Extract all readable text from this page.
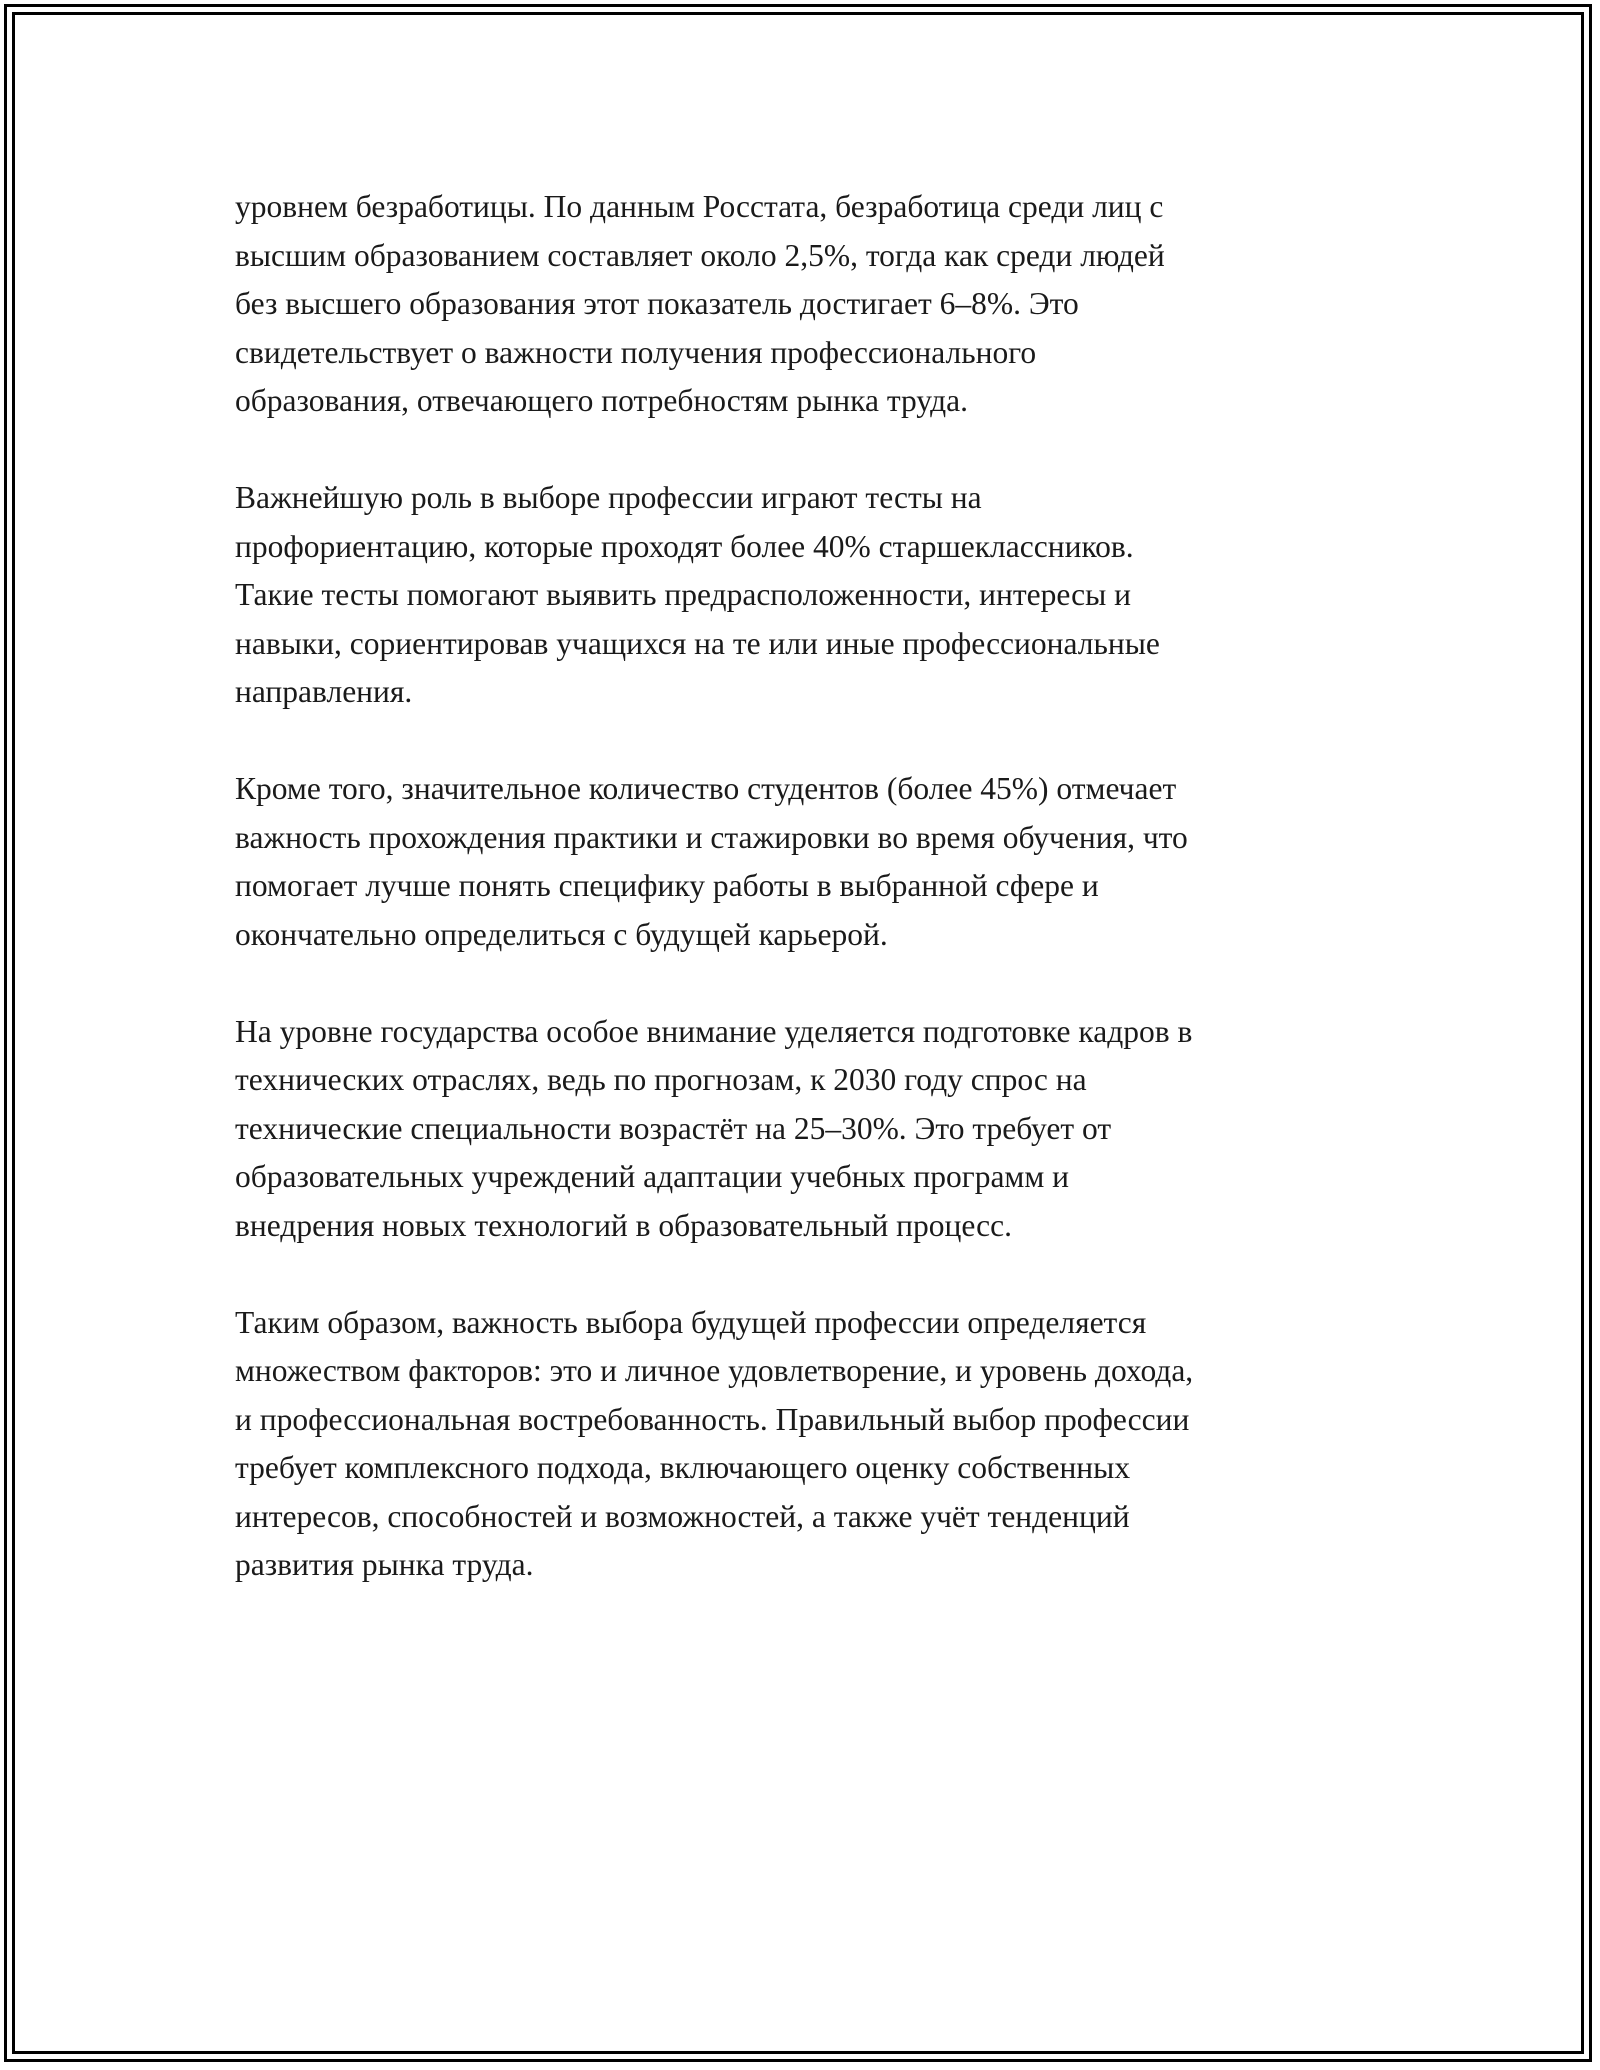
уровнем безработицы. По данным Росстата, безработица среди лиц с
высшим образованием составляет около 2,5%, тогда как среди людей
без высшего образования этот показатель достигает 6–8%. Это
свидетельствует о важности получения профессионального
образования, отвечающего потребностям рынка труда.

Важнейшую роль в выборе профессии играют тесты на
профориентацию, которые проходят более 40% старшеклассников.
Такие тесты помогают выявить предрасположенности, интересы и
навыки, сориентировав учащихся на те или иные профессиональные
направления.

Кроме того, значительное количество студентов (более 45%) отмечает
важность прохождения практики и стажировки во время обучения, что
помогает лучше понять специфику работы в выбранной сфере и
окончательно определиться с будущей карьерой.

На уровне государства особое внимание уделяется подготовке кадров в
технических отраслях, ведь по прогнозам, к 2030 году спрос на
технические специальности возрастёт на 25–30%. Это требует от
образовательных учреждений адаптации учебных программ и
внедрения новых технологий в образовательный процесс.

Таким образом, важность выбора будущей профессии определяется
множеством факторов: это и личное удовлетворение, и уровень дохода,
и профессиональная востребованность. Правильный выбор профессии
требует комплексного подхода, включающего оценку собственных
интересов, способностей и возможностей, а также учёт тенденций
развития рынка труда.
